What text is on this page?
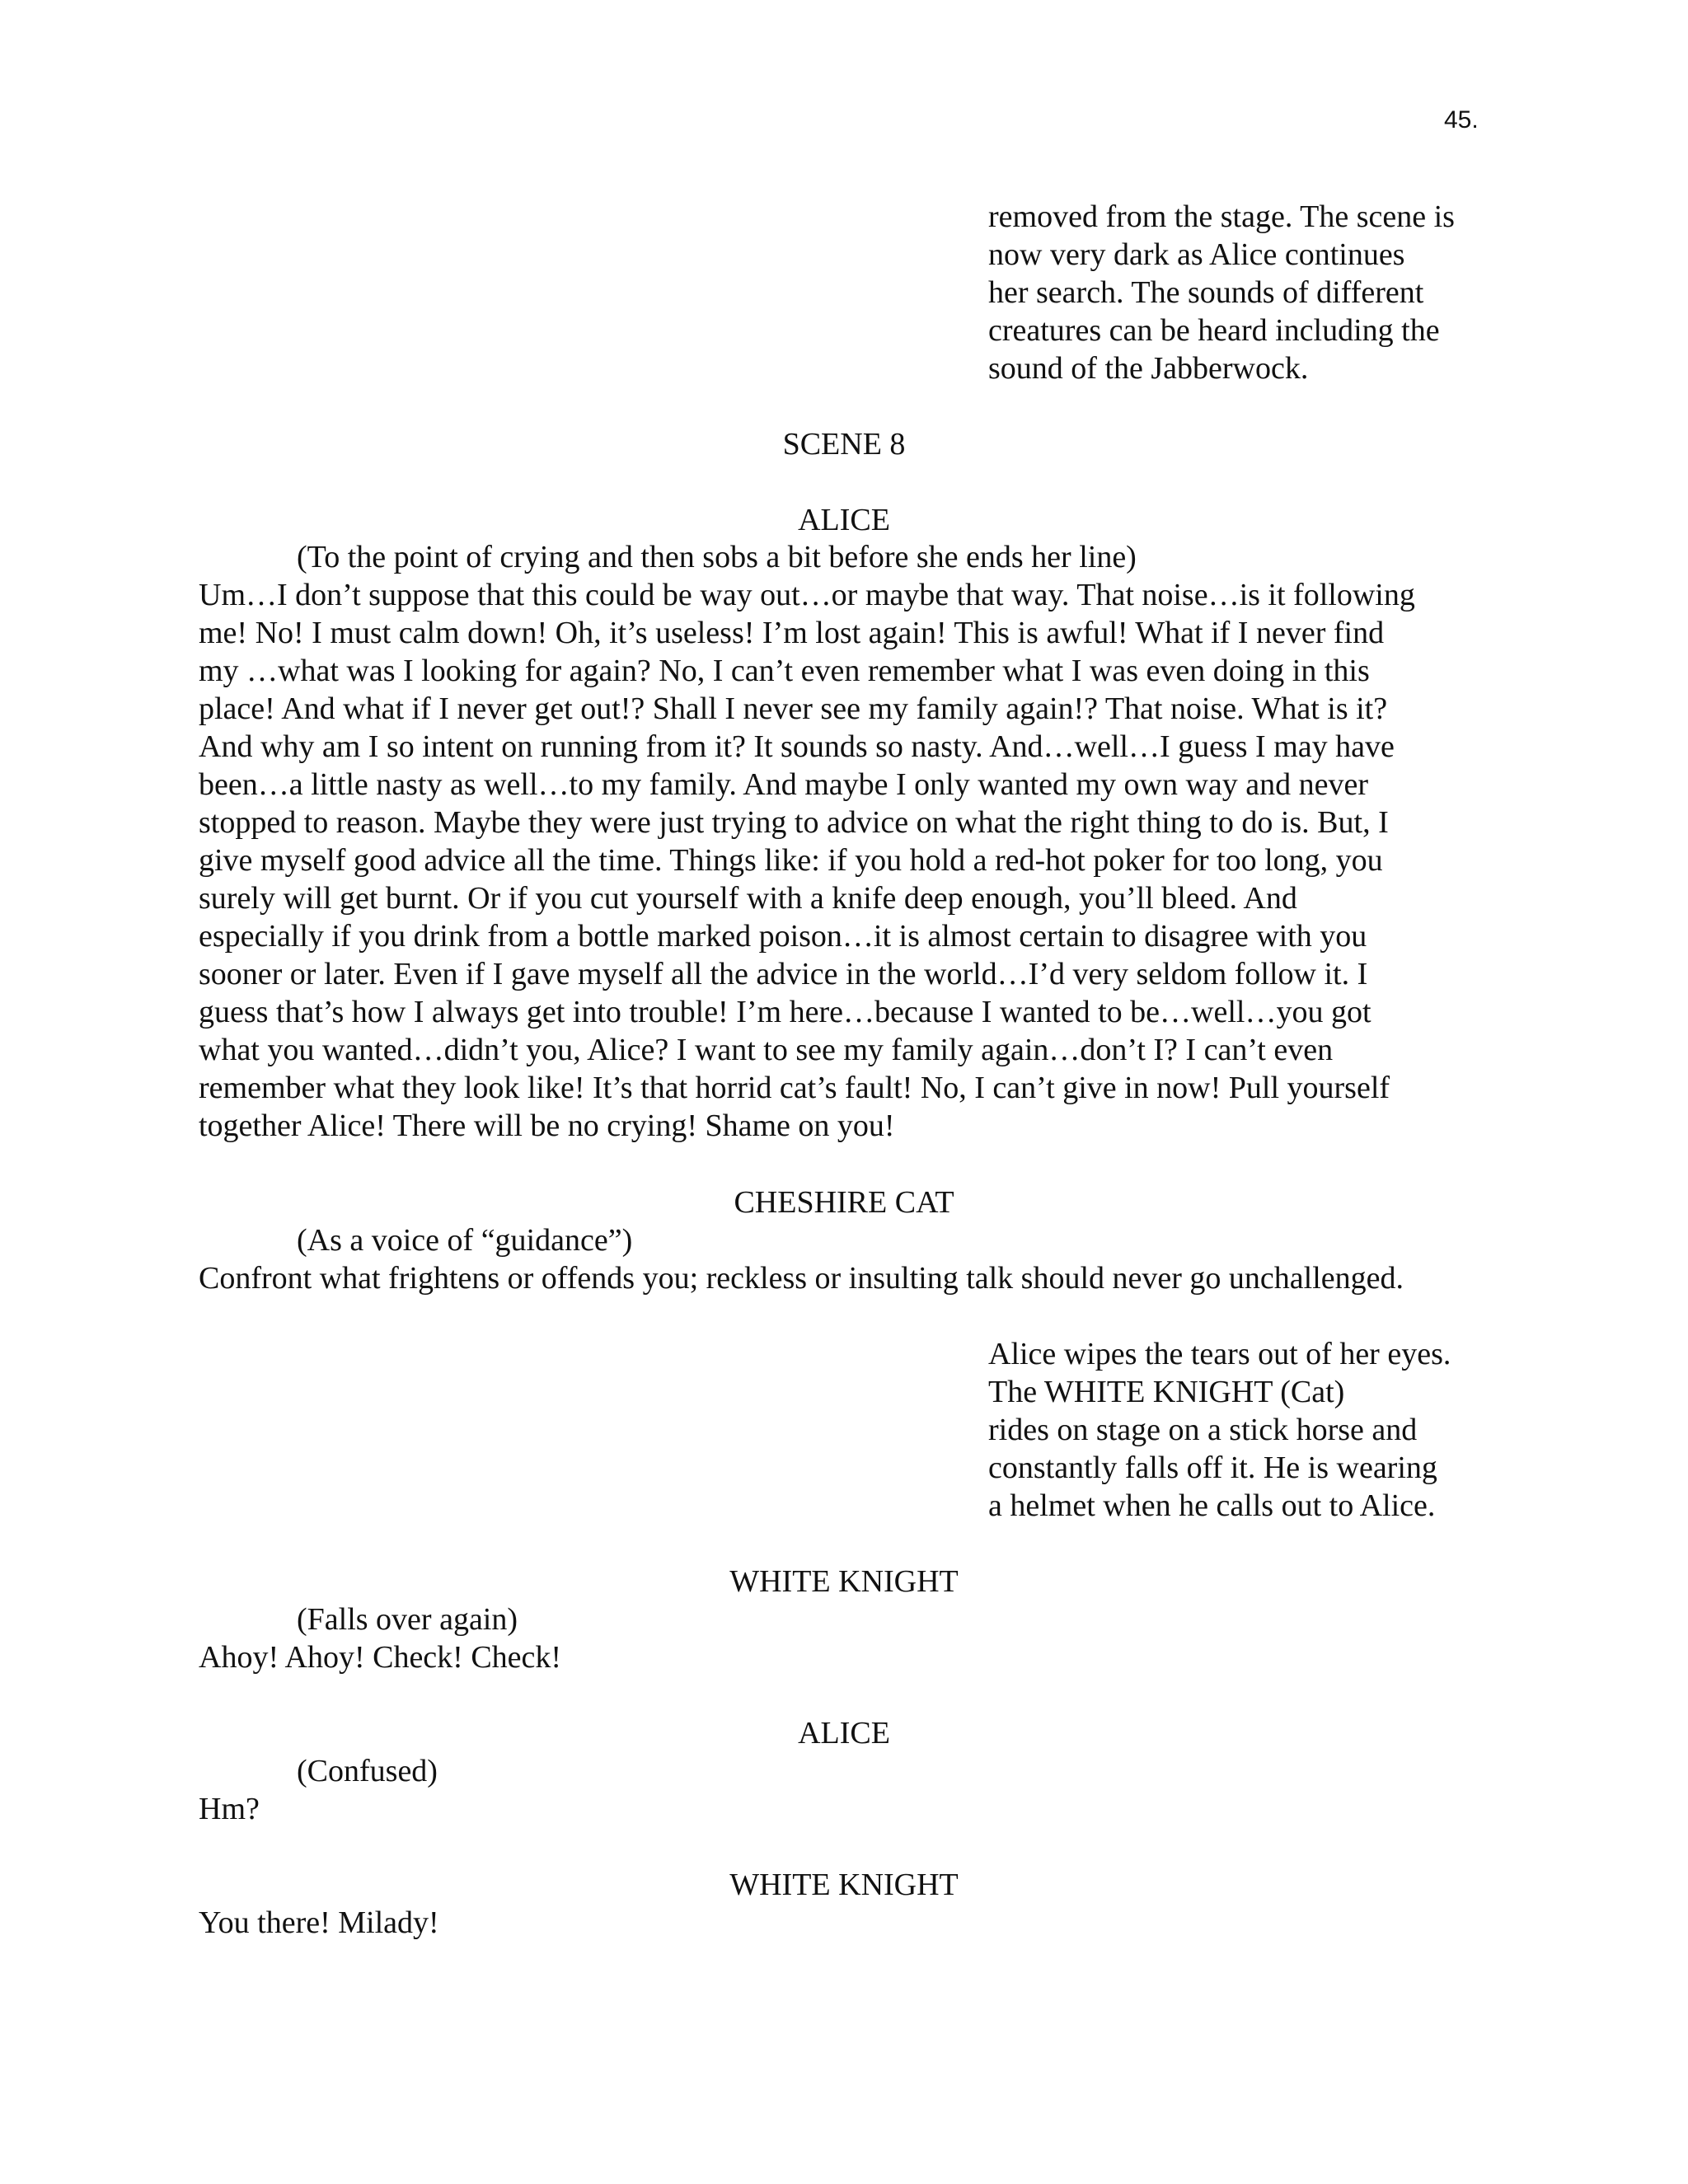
45.
removed from the stage. The scene is
now very dark as Alice continues
her search. The sounds of different
creatures can be heard including the
sound of the Jabberwock.
SCENE 8
ALICE
(To the point of crying and then sobs a bit before she ends her line)
Um…I don’t suppose that this could be way out…or maybe that way. That noise…is it following
me! No! I must calm down! Oh, it’s useless! I’m lost again! This is awful! What if I never find
my …what was I looking for again? No, I can’t even remember what I was even doing in this
place! And what if I never get out!? Shall I never see my family again!? That noise. What is it?
And why am I so intent on running from it? It sounds so nasty. And…well…I guess I may have
been…a little nasty as well…to my family. And maybe I only wanted my own way and never
stopped to reason. Maybe they were just trying to advice on what the right thing to do is. But, I
give myself good advice all the time. Things like: if you hold a red-hot poker for too long, you
surely will get burnt. Or if you cut yourself with a knife deep enough, you’ll bleed. And
especially if you drink from a bottle marked poison…it is almost certain to disagree with you
sooner or later. Even if I gave myself all the advice in the world…I’d very seldom follow it. I
guess that’s how I always get into trouble! I’m here…because I wanted to be…well…you got
what you wanted…didn’t you, Alice? I want to see my family again…don’t I? I can’t even
remember what they look like! It’s that horrid cat’s fault! No, I can’t give in now! Pull yourself
together Alice! There will be no crying! Shame on you!
CHESHIRE CAT
(As a voice of “guidance”)
Confront what frightens or offends you; reckless or insulting talk should never go unchallenged.
Alice wipes the tears out of her eyes.
The WHITE KNIGHT (Cat)
rides on stage on a stick horse and
constantly falls off it. He is wearing
a helmet when he calls out to Alice.
WHITE KNIGHT
(Falls over again)
Ahoy! Ahoy! Check! Check!
ALICE
(Confused)
Hm?
WHITE KNIGHT
You there! Milady!
